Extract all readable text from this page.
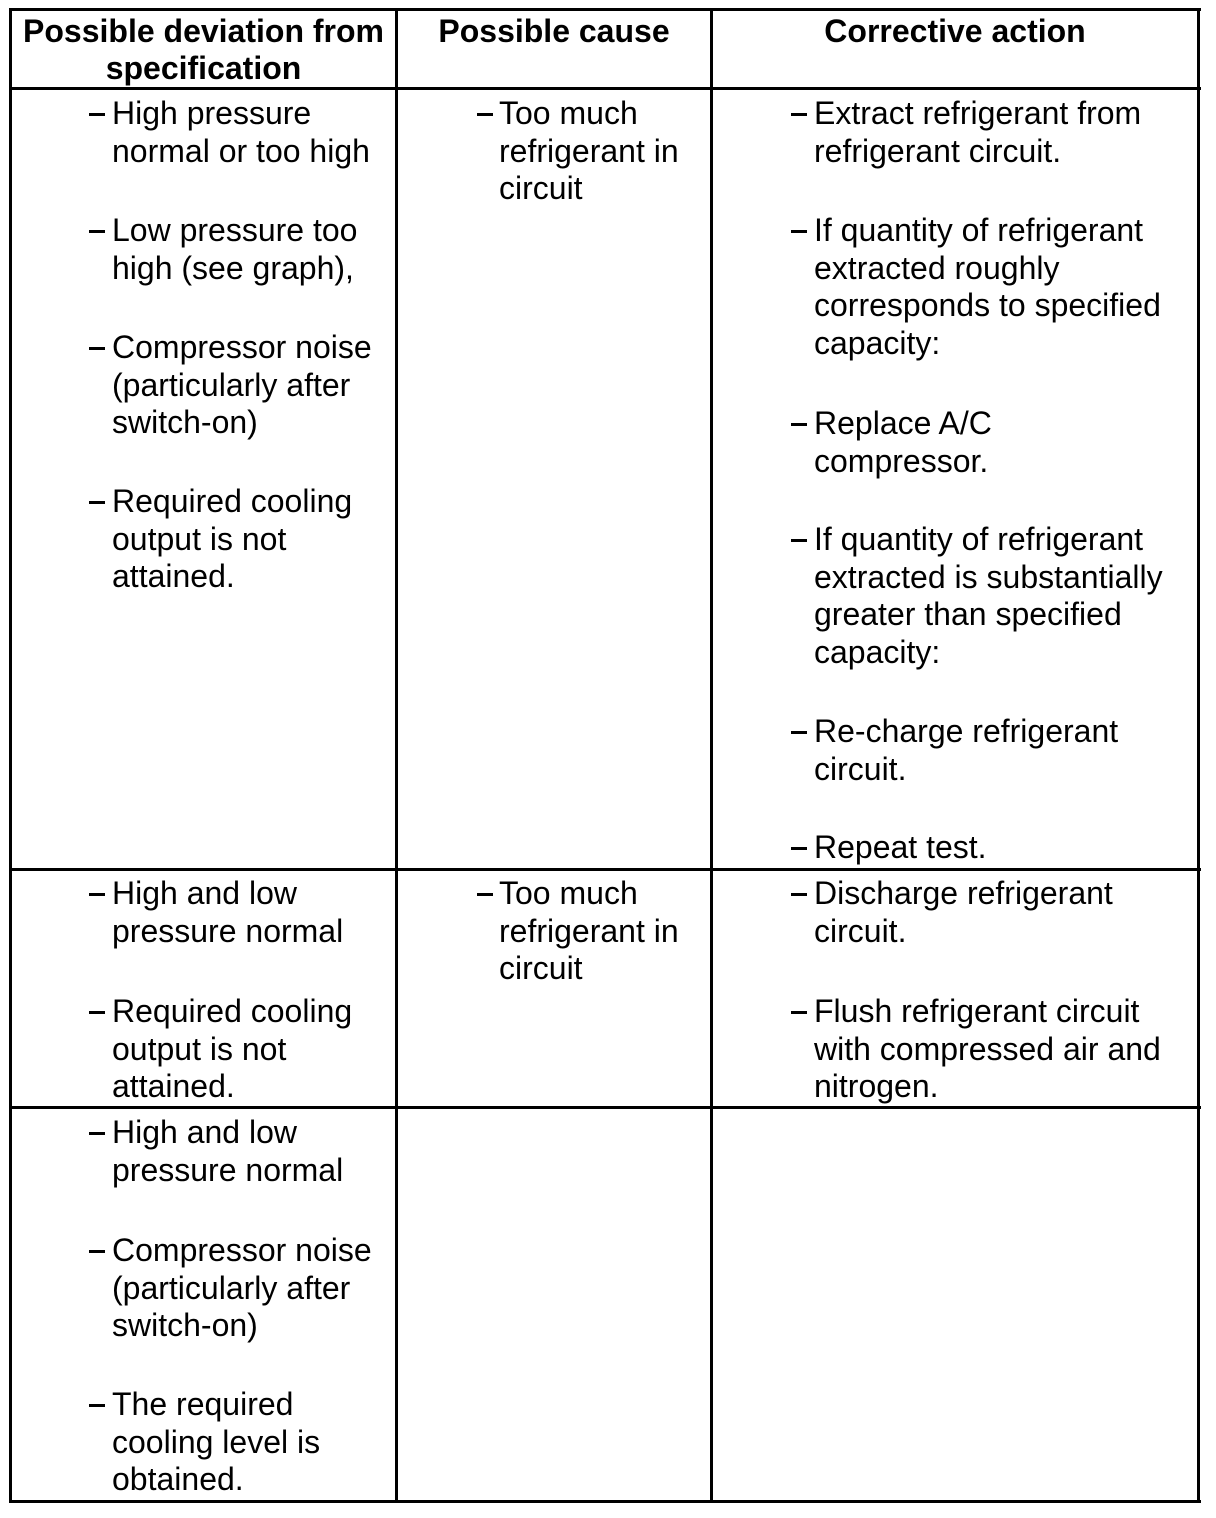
Possible deviation from specification
Possible cause	Corrective action
High pressure
normal or too high
Low pressure too
high (see graph),
Compressor noise
(particularly after
switch-on)
Required cooling
output is not
attained.
Too much
refrigerant in
circuit
Extract refrigerant from
refrigerant circuit.
If quantity of refrigerant
extracted roughly
corresponds to specified
capacity:
Replace A/C
compressor.
If quantity of refrigerant
extracted is substantially
greater than specified
capacity:
Re-charge refrigerant
circuit.
Repeat test.
High and low
pressure normal
Required cooling
output is not
attained.
Too much
refrigerant in
circuit
Discharge refrigerant
circuit.
Flush refrigerant circuit
with compressed air and
nitrogen.
High and low
pressure normal
Compressor noise
(particularly after
switch-on)
The required
cooling level is
obtained.
